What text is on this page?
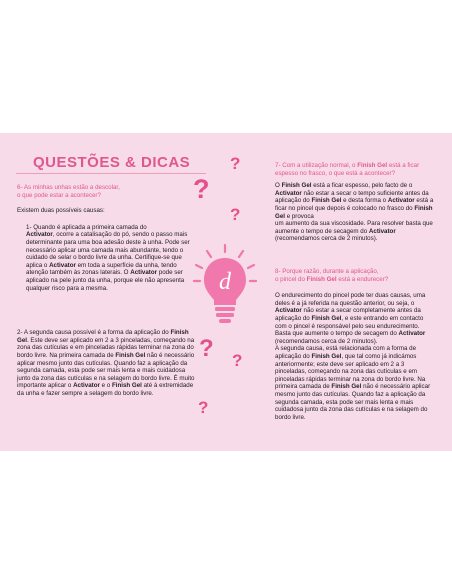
QUESTÕES & DICAS ?
?
?
? ?
?
d

6- As minhas unhas estão a descolar,
o que pode estar a acontecer?

Existem duas possíveis causas:

1- Quando é aplicada a primeira camada do
Activator, ocorre a catalisação do pó, sendo o passo mais determinante para uma boa adesão deste à unha. Pode ser necessário aplicar uma camada mais abundante, tendo o cuidado de selar o bordo livre da unha. Certifique-se que aplica o Activator em toda a superfície da unha, tendo atenção também às zonas laterais. O Activator pode ser aplicado na pele junto da unha, porque ele não apresenta qualquer risco para a mesma.

2- A segunda causa possível é a forma da aplicação do Finish Gel. Este deve ser aplicado em 2 a 3 pinceladas, começando na zona das cutículas e em pinceladas rápidas terminar na zona do bordo livre. Na primeira camada de Finish Gel não é necessário aplicar mesmo junto das cutículas. Quando faz a aplicação da segunda camada, esta pode ser mais lenta e mais cuidadosa junto da zona das cutículas e na selagem do bordo livre. É muito importante aplicar o Activator e o Finish Gel até à extremidade da unha e fazer sempre a selagem do bordo livre.

7- Com a utilização normal, o Finish Gel está a ficar espesso no frasco, o que está a acontecer?

O Finish Gel está a ficar espesso, pelo facto de o Activator não estar a secar o tempo suficiente antes da aplicação do Finish Gel e desta forma o Activator está a ficar no pincel que depois é colocado no frasco do Finish Gel e provoca
um aumento da sua viscosidade. Para resolver basta que aumente o tempo de secagem do Activator (recomendamos cerca de 2 minutos).

8- Porque razão, durante a aplicação,
o pincel do Finish Gel está a endurecer?

O endurecimento do pincel pode ter duas causas, uma deles é a já referida na questão anterior, ou seja, o Activator não estar a secar completamente antes da aplicação do Finish Gel, e este entrando em contacto com o pincel é responsável pelo seu endurecimento. Basta que aumente o tempo de secagem do Activator (recomendamos cerca de 2 minutos).
A segunda causa, está relacionada com a forma de aplicação do Finish Gel, que tal como já indicámos anteriormente; este deve ser aplicado em 2 a 3 pinceladas, começando na zona das cutículas e em pinceladas rápidas terminar na zona do bordo livre. Na primeira camada de Finish Gel não é necessário aplicar mesmo junto das cutículas. Quando faz a aplicação da segunda camada, esta pode ser mais lenta e mais cuidadosa junto da zona das cutículas e na selagem do bordo livre.
